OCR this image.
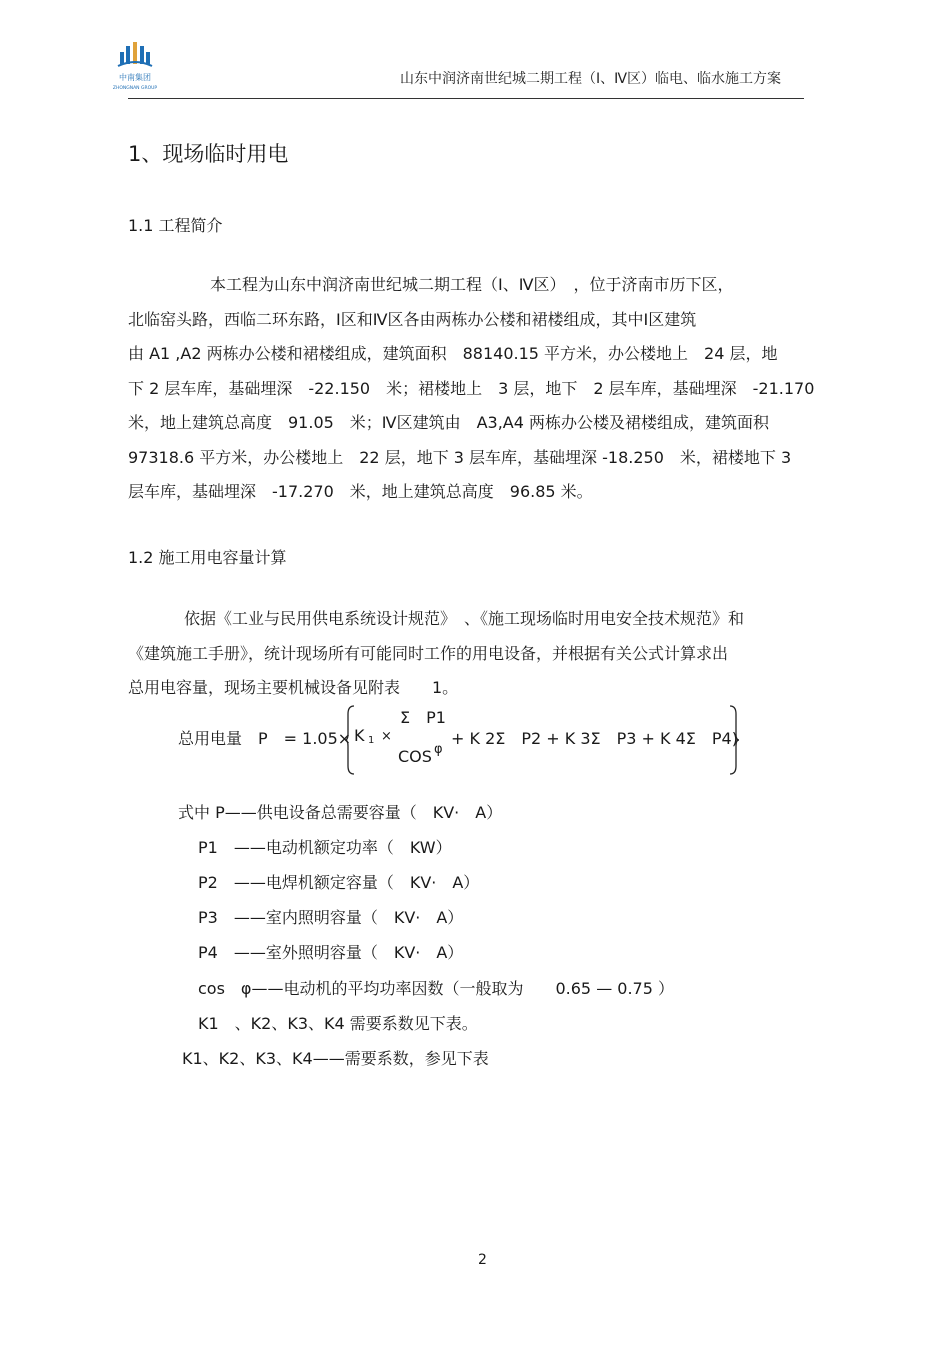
中南集团
ZHONGNAN GROUP
山东中润济南世纪城二期工程（Ⅰ、Ⅳ区）临电、临水施工方案
1、现场临时用电
1.1 工程简介
本工程为山东中润济南世纪城二期工程（Ⅰ、Ⅳ区）　，位于济南市历下区，
北临窑头路，西临二环东路，Ⅰ区和Ⅳ区各由两栋办公楼和裙楼组成，其中Ⅰ区建筑
由 A1 ,A2 两栋办公楼和裙楼组成，建筑面积　88140.15 平方米，办公楼地上　24 层，地
下 2 层车库，基础埋深　-22.150　米；裙楼地上　3 层，地下　2 层车库，基础埋深　-21.170
米，地上建筑总高度　91.05　米；Ⅳ区建筑由　A3,A4 两栋办公楼及裙楼组成，建筑面积
97318.6 平方米，办公楼地上　22 层，地下 3 层车库，基础埋深 -18.250　米，裙楼地下 3
层车库，基础埋深　-17.270　米，地上建筑总高度　96.85 米。
1.2 施工用电容量计算
依据《工业与民用供电系统设计规范》　、《施工现场临时用电安全技术规范》和
《建筑施工手册》，统计现场所有可能同时工作的用电设备，并根据有关公式计算求出
总用电容量，现场主要机械设备见附表　　1。
总用电量 P　= 1.05× K 1 ×
Σ　P1
COS φ
+ K 2Σ　P2 + K 3Σ　P3 + K 4Σ　P4)
式中 P——供电设备总需要容量（　KV·　A）
P1　——电动机额定功率（　KW）
P2　——电焊机额定容量（　KV·　A）
P3　——室内照明容量（　KV·　A）
P4　——室外照明容量（　KV·　A）
cos　φ——电动机的平均功率因数（一般取为　　0.65 — 0.75 ）
K1　、K2、K3、K4 需要系数见下表。
K1、K2、K3、K4——需要系数，参见下表
2
